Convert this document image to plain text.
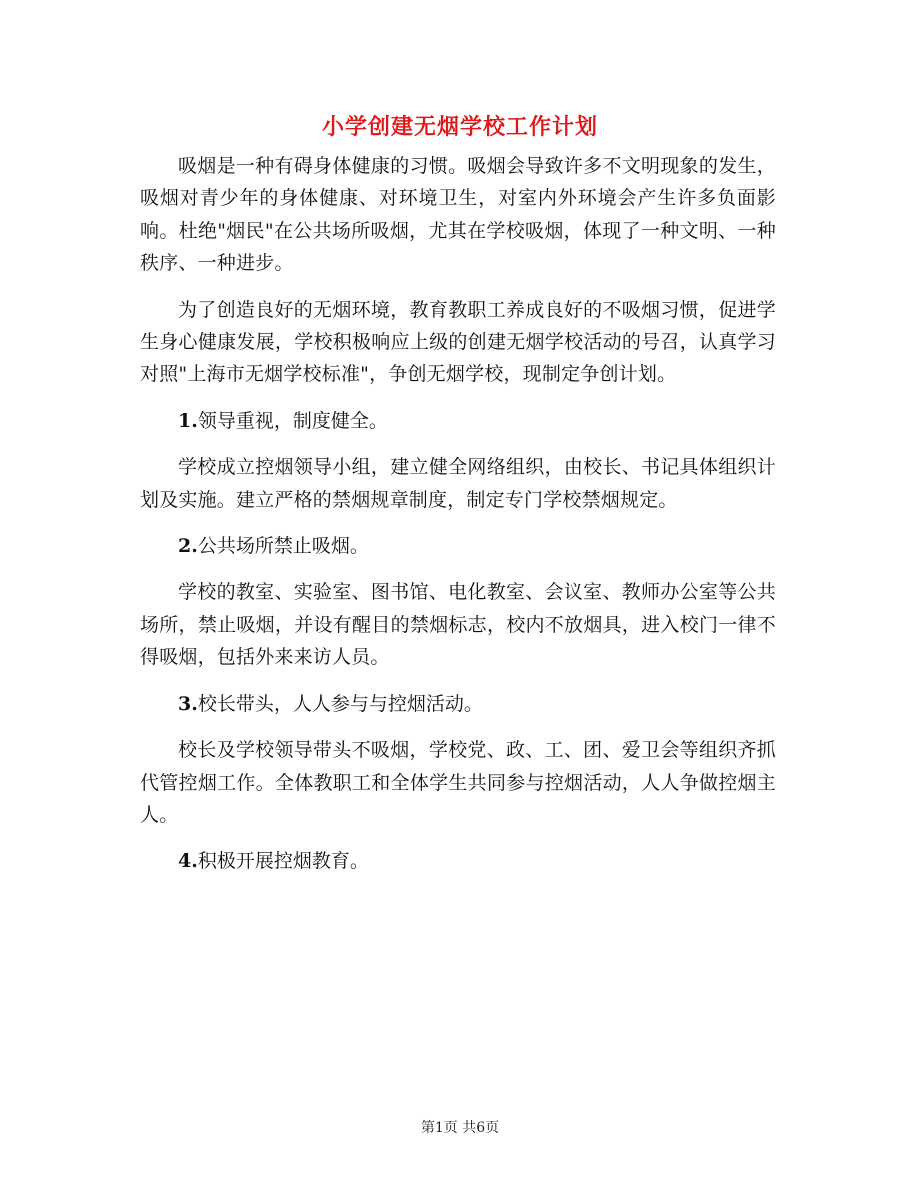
小学创建无烟学校工作计划

吸烟是一种有碍身体健康的习惯。吸烟会导致许多不文明现象的发生，吸烟对青少年的身体健康、对环境卫生，对室内外环境会产生许多负面影响。杜绝"烟民"在公共场所吸烟，尤其在学校吸烟，体现了一种文明、一种秩序、一种进步。

为了创造良好的无烟环境，教育教职工养成良好的不吸烟习惯，促进学生身心健康发展，学校积极响应上级的创建无烟学校活动的号召，认真学习对照"上海市无烟学校标准"，争创无烟学校，现制定争创计划。

1.领导重视，制度健全。

学校成立控烟领导小组，建立健全网络组织，由校长、书记具体组织计划及实施。建立严格的禁烟规章制度，制定专门学校禁烟规定。

2.公共场所禁止吸烟。

学校的教室、实验室、图书馆、电化教室、会议室、教师办公室等公共场所，禁止吸烟，并设有醒目的禁烟标志，校内不放烟具，进入校门一律不得吸烟，包括外来来访人员。

3.校长带头，人人参与与控烟活动。

校长及学校领导带头不吸烟，学校党、政、工、团、爱卫会等组织齐抓代管控烟工作。全体教职工和全体学生共同参与控烟活动，人人争做控烟主人。

4.积极开展控烟教育。

第1页 共6页
